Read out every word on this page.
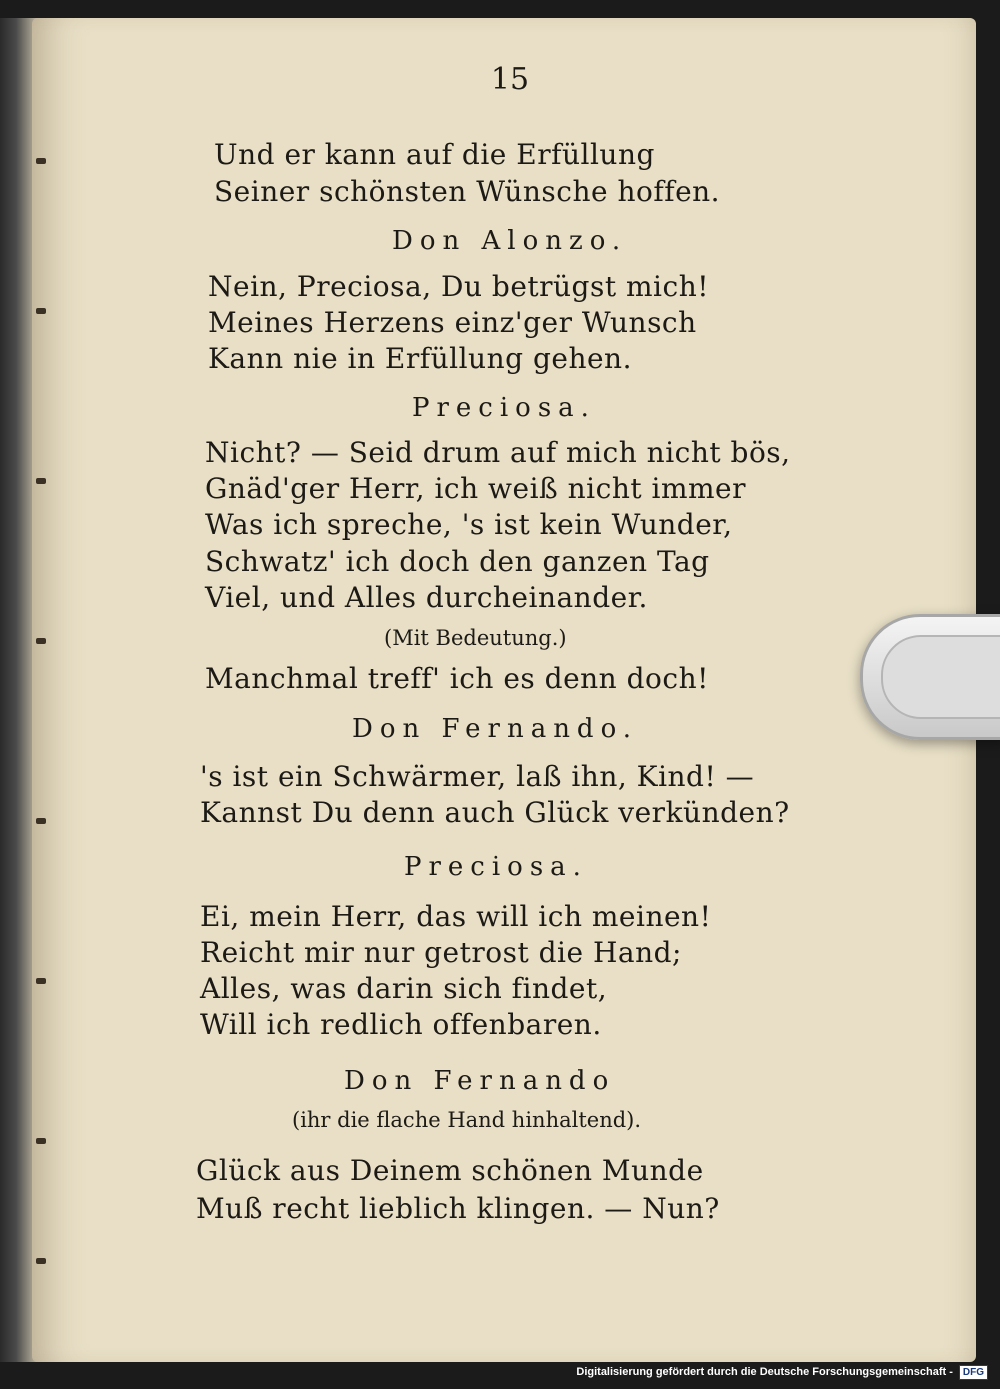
15
Und er kann auf die Erfüllung
Seiner schönsten Wünsche hoffen.
Don Alonzo.
Nein, Preciosa, Du betrügst mich!
Meines Herzens einz'ger Wunsch
Kann nie in Erfüllung gehen.
Preciosa.
Nicht? — Seid drum auf mich nicht bös,
Gnäd'ger Herr, ich weiß nicht immer
Was ich spreche, 's ist kein Wunder,
Schwatz' ich doch den ganzen Tag
Viel, und Alles durcheinander.
(Mit Bedeutung.)
Manchmal treff' ich es denn doch!
Don Fernando.
's ist ein Schwärmer, laß ihn, Kind! —
Kannst Du denn auch Glück verkünden?
Preciosa.
Ei, mein Herr, das will ich meinen!
Reicht mir nur getrost die Hand;
Alles, was darin sich findet,
Will ich redlich offenbaren.
Don Fernando
(ihr die flache Hand hinhaltend).
Glück aus Deinem schönen Munde
Muß recht lieblich klingen. — Nun?
Digitalisierung gefördert durch die Deutsche Forschungsgemeinschaft -	DFG
